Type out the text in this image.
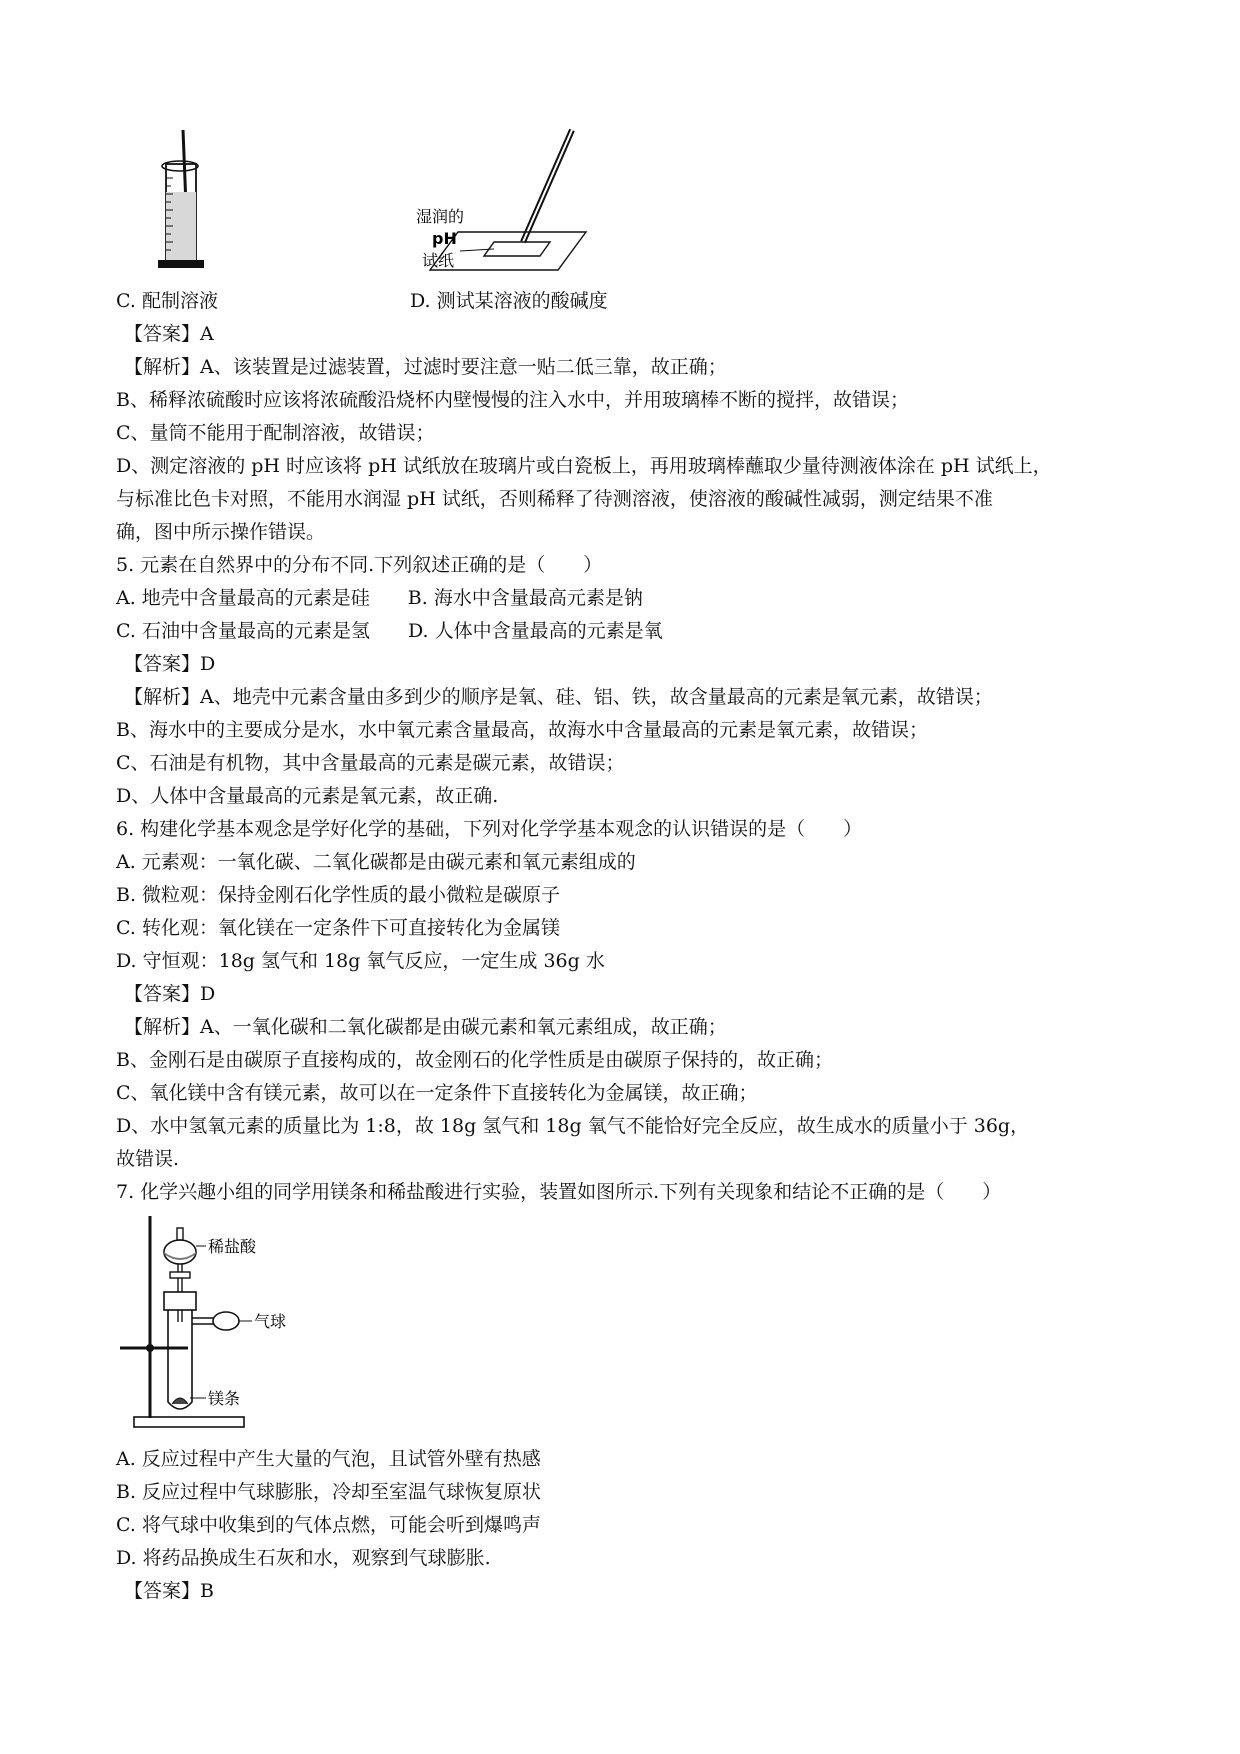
湿润的
pH
试纸
C. 配制溶液	D. 测试某溶液的酸碱度
【答案】A
【解析】A、该装置是过滤装置，过滤时要注意一贴二低三靠，故正确；
B、稀释浓硫酸时应该将浓硫酸沿烧杯内壁慢慢的注入水中，并用玻璃棒不断的搅拌，故错误；
C、量筒不能用于配制溶液，故错误；
D、测定溶液的 pH 时应该将 pH 试纸放在玻璃片或白瓷板上，再用玻璃棒蘸取少量待测液体涂在 pH 试纸上，
与标准比色卡对照，不能用水润湿 pH 试纸，否则稀释了待测溶液，使溶液的酸碱性减弱，测定结果不准
确，图中所示操作错误。
5. 元素在自然界中的分布不同.下列叙述正确的是（　　）
A. 地壳中含量最高的元素是硅　　B. 海水中含量最高元素是钠
C. 石油中含量最高的元素是氢　　D. 人体中含量最高的元素是氧
【答案】D
【解析】A、地壳中元素含量由多到少的顺序是氧、硅、铝、铁，故含量最高的元素是氧元素，故错误；
B、海水中的主要成分是水，水中氧元素含量最高，故海水中含量最高的元素是氧元素，故错误；
C、石油是有机物，其中含量最高的元素是碳元素，故错误；
D、人体中含量最高的元素是氧元素，故正确.
6. 构建化学基本观念是学好化学的基础，下列对化学学基本观念的认识错误的是（　　）
A. 元素观：一氧化碳、二氧化碳都是由碳元素和氧元素组成的
B. 微粒观：保持金刚石化学性质的最小微粒是碳原子
C. 转化观：氧化镁在一定条件下可直接转化为金属镁
D. 守恒观：18g 氢气和 18g 氧气反应，一定生成 36g 水
【答案】D
【解析】A、一氧化碳和二氧化碳都是由碳元素和氧元素组成，故正确；
B、金刚石是由碳原子直接构成的，故金刚石的化学性质是由碳原子保持的，故正确；
C、氧化镁中含有镁元素，故可以在一定条件下直接转化为金属镁，故正确；
D、水中氢氧元素的质量比为 1:8，故 18g 氢气和 18g 氧气不能恰好完全反应，故生成水的质量小于 36g，
故错误.
7. 化学兴趣小组的同学用镁条和稀盐酸进行实验，装置如图所示.下列有关现象和结论不正确的是（　　）
稀盐酸
气球
镁条
A. 反应过程中产生大量的气泡，且试管外壁有热感
B. 反应过程中气球膨胀，冷却至室温气球恢复原状
C. 将气球中收集到的气体点燃，可能会听到爆鸣声
D. 将药品换成生石灰和水，观察到气球膨胀.
【答案】B
